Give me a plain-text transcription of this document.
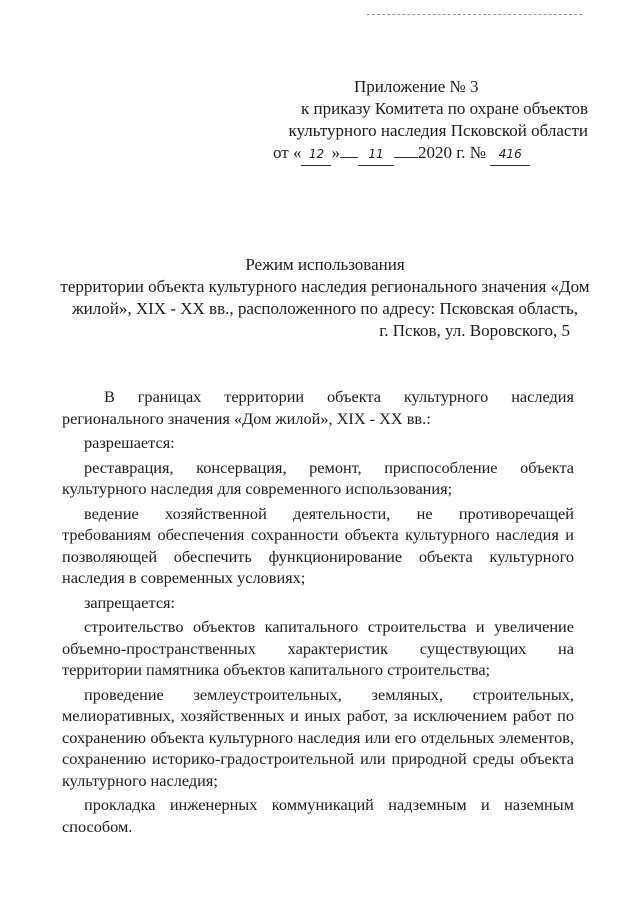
Приложение № 3
к приказу Комитета по охране объектов
культурного наследия Псковской области
от « 12 » 11 2020 г. № 416
Режим использования
территории объекта культурного наследия регионального значения «Дом
жилой», XIX - XX вв., расположенного по адресу: Псковская область,
г. Псков, ул. Воровского, 5

В границах территории объекта культурного наследия регионального значения «Дом жилой», XIX - XX вв.:

разрешается:

реставрация, консервация, ремонт, приспособление объекта культурного наследия для современного использования;

ведение хозяйственной деятельности, не противоречащей требованиям обеспечения сохранности объекта культурного наследия и позволяющей обеспечить функционирование объекта культурного наследия в современных условиях;

запрещается:

строительство объектов капитального строительства и увеличение объемно-пространственных характеристик существующих на территории памятника объектов капитального строительства;

проведение землеустроительных, земляных, строительных, мелиоративных, хозяйственных и иных работ, за исключением работ по сохранению объекта культурного наследия или его отдельных элементов, сохранению историко-градостроительной или природной среды объекта культурного наследия;

прокладка инженерных коммуникаций надземным и наземным способом.
